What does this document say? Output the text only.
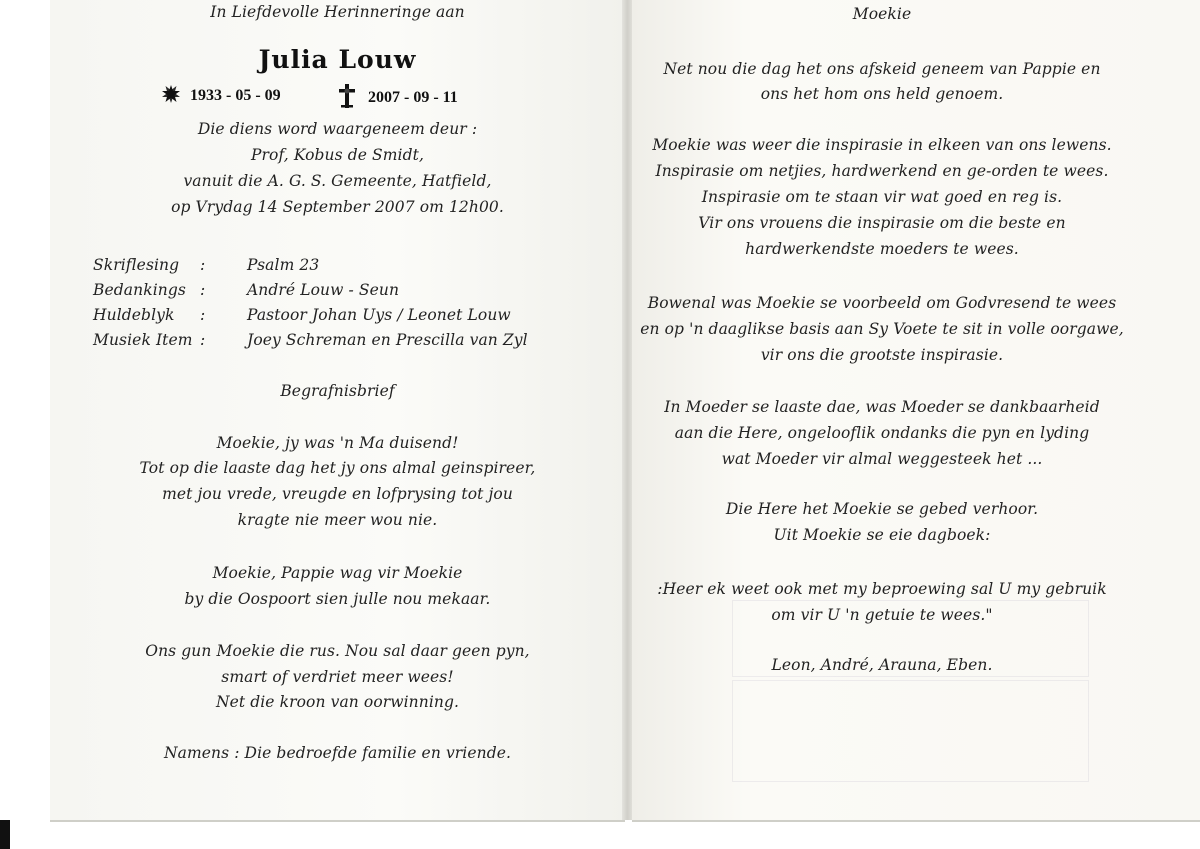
In Liefdevolle Herinneringe aan
Julia Louw
1933 - 05 - 09	2007 - 09 - 11
Die diens word waargeneem deur :
Prof, Kobus de Smidt,
vanuit die A. G. S. Gemeente, Hatfield,
op Vrydag 14 September 2007 om 12h00.
Skriflesing :	Psalm 23
Bedankings :	André Louw - Seun
Huldeblyk :	Pastoor Johan Uys / Leonet Louw
Musiek Item :	Joey Schreman en Prescilla van Zyl
Begrafnisbrief
Moekie, jy was 'n Ma duisend!
Tot op die laaste dag het jy ons almal geinspireer,
met jou vrede, vreugde en lofprysing tot jou
kragte nie meer wou nie.
Moekie, Pappie wag vir Moekie
by die Oospoort sien julle nou mekaar.
Ons gun Moekie die rus. Nou sal daar geen pyn,
smart of verdriet meer wees!
Net die kroon van oorwinning.
Namens : Die bedroefde familie en vriende.
Moekie
Net nou die dag het ons afskeid geneem van Pappie en
ons het hom ons held genoem.
Moekie was weer die inspirasie in elkeen van ons lewens.
Inspirasie om netjies, hardwerkend en ge-orden te wees.
Inspirasie om te staan vir wat goed en reg is.
Vir ons vrouens die inspirasie om die beste en
hardwerkendste moeders te wees.
Bowenal was Moekie se voorbeeld om Godvresend te wees
en op 'n daaglikse basis aan Sy Voete te sit in volle oorgawe,
vir ons die grootste inspirasie.
In Moeder se laaste dae, was Moeder se dankbaarheid
aan die Here, ongelooflik ondanks die pyn en lyding
wat Moeder vir almal weggesteek het ...
Die Here het Moekie se gebed verhoor.
Uit Moekie se eie dagboek:
:Heer ek weet ook met my beproewing sal U my gebruik
om vir U 'n getuie te wees."
Leon, André, Arauna, Eben.
